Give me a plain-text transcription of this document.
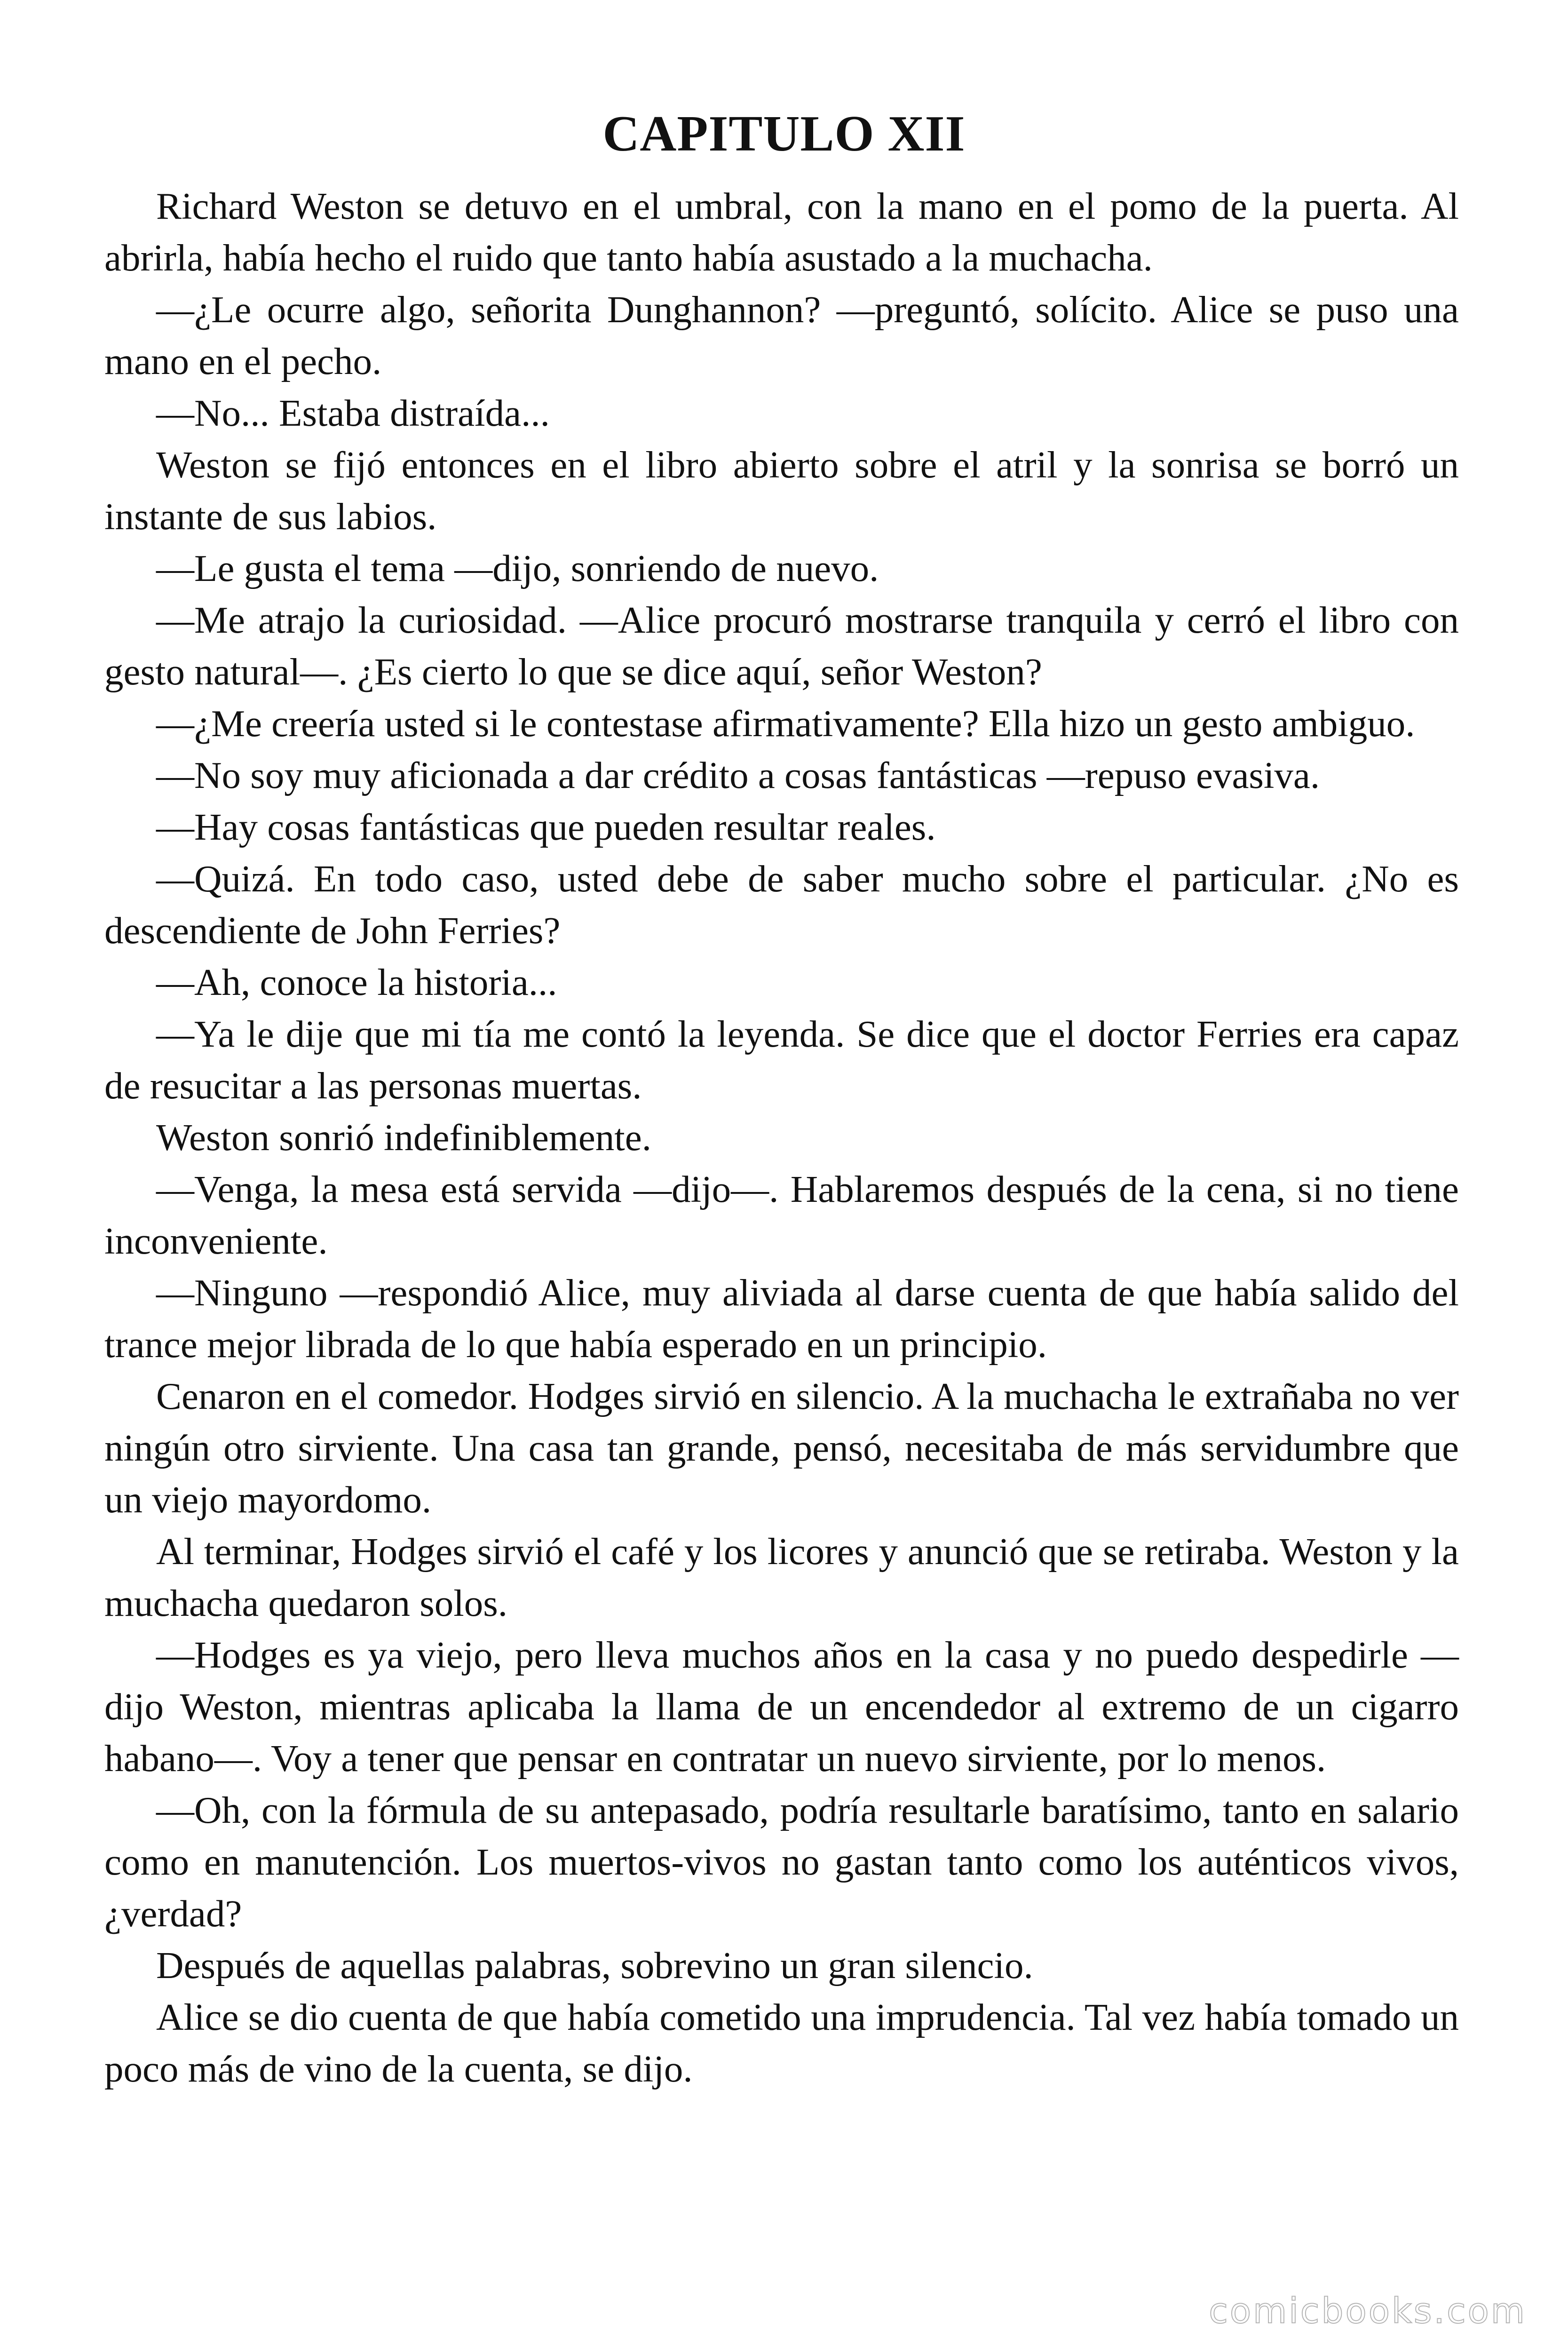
CAPITULO XII

Richard Weston se detuvo en el umbral, con la mano en el pomo de la puerta. Al abrirla, había hecho el ruido que tanto había asustado a la muchacha.

—¿Le ocurre algo, señorita Dunghannon? —preguntó, solícito. Alice se puso una mano en el pecho.

—No... Estaba distraída...

Weston se fijó entonces en el libro abierto sobre el atril y la sonrisa se borró un instante de sus labios.

—Le gusta el tema —dijo, sonriendo de nuevo.

—Me atrajo la curiosidad. —Alice procuró mostrarse tranquila y cerró el libro con gesto natural—. ¿Es cierto lo que se dice aquí, señor Weston?

—¿Me creería usted si le contestase afirmativamente? Ella hizo un gesto ambiguo.

—No soy muy aficionada a dar crédito a cosas fantásticas —repuso evasiva.

—Hay cosas fantásticas que pueden resultar reales.

—Quizá. En todo caso, usted debe de saber mucho sobre el particular. ¿No es descendiente de John Ferries?

—Ah, conoce la historia...

—Ya le dije que mi tía me contó la leyenda. Se dice que el doctor Ferries era capaz de resucitar a las personas muertas.

Weston sonrió indefiniblemente.

—Venga, la mesa está servida —dijo—. Hablaremos después de la cena, si no tiene inconveniente.

—Ninguno —respondió Alice, muy aliviada al darse cuenta de que había salido del trance mejor librada de lo que había esperado en un principio.

Cenaron en el comedor. Hodges sirvió en silencio. A la muchacha le extrañaba no ver ningún otro sirviente. Una casa tan grande, pensó, necesitaba de más servidumbre que un viejo mayordomo.

Al terminar, Hodges sirvió el café y los licores y anunció que se retiraba. Weston y la muchacha quedaron solos.

—Hodges es ya viejo, pero lleva muchos años en la casa y no puedo despedirle —dijo Weston, mientras aplicaba la llama de un encendedor al extremo de un cigarro habano—. Voy a tener que pensar en contratar un nuevo sirviente, por lo menos.

—Oh, con la fórmula de su antepasado, podría resultarle baratísimo, tanto en salario como en manutención. Los muertos-vivos no gastan tanto como los auténticos vivos, ¿verdad?

Después de aquellas palabras, sobrevino un gran silencio.

Alice se dio cuenta de que había cometido una imprudencia. Tal vez había tomado un poco más de vino de la cuenta, se dijo.

comicbooks.com
